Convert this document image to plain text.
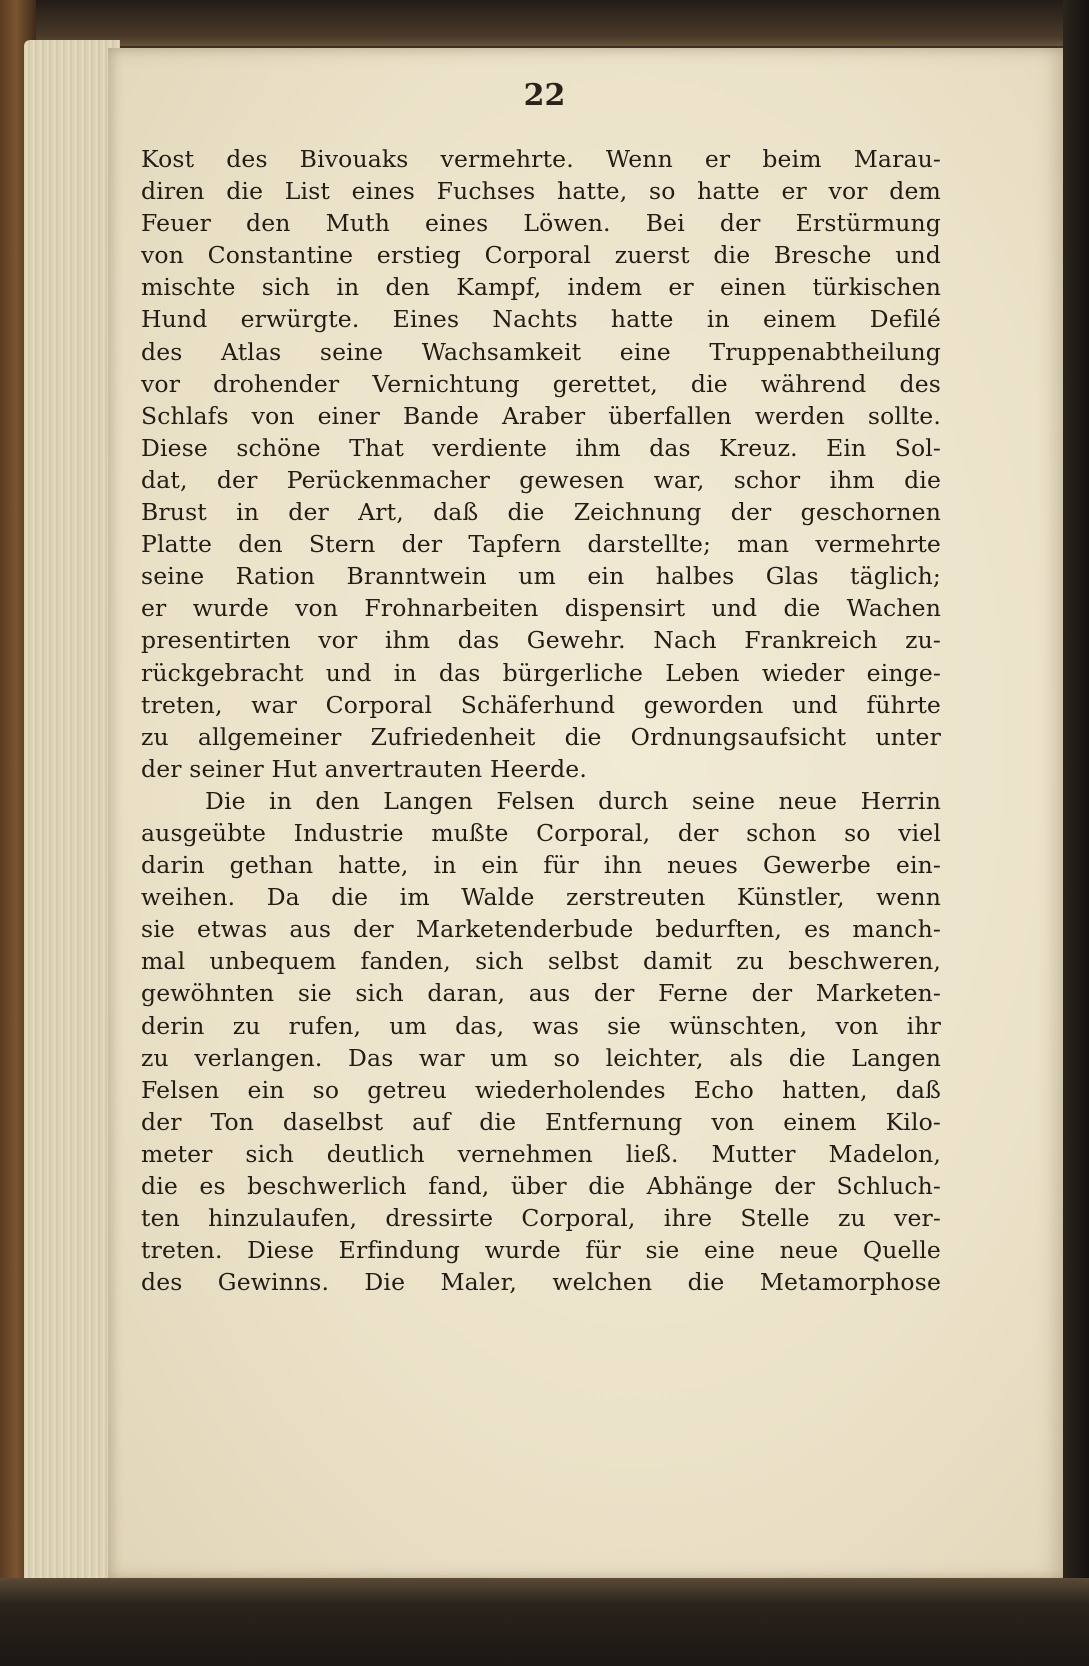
22
Kost des Bivouaks vermehrte. Wenn er beim Marau-
diren die List eines Fuchses hatte, so hatte er vor dem
Feuer den Muth eines Löwen. Bei der Erstürmung
von Constantine erstieg Corporal zuerst die Bresche und
mischte sich in den Kampf, indem er einen türkischen
Hund erwürgte. Eines Nachts hatte in einem Defilé
des Atlas seine Wachsamkeit eine Truppenabtheilung
vor drohender Vernichtung gerettet, die während des
Schlafs von einer Bande Araber überfallen werden sollte.
Diese schöne That verdiente ihm das Kreuz. Ein Sol-
dat, der Perückenmacher gewesen war, schor ihm die
Brust in der Art, daß die Zeichnung der geschornen
Platte den Stern der Tapfern darstellte; man vermehrte
seine Ration Branntwein um ein halbes Glas täglich;
er wurde von Frohnarbeiten dispensirt und die Wachen
presentirten vor ihm das Gewehr. Nach Frankreich zu-
rückgebracht und in das bürgerliche Leben wieder einge-
treten, war Corporal Schäferhund geworden und führte
zu allgemeiner Zufriedenheit die Ordnungsaufsicht unter
der seiner Hut anvertrauten Heerde.
Die in den Langen Felsen durch seine neue Herrin
ausgeübte Industrie mußte Corporal, der schon so viel
darin gethan hatte, in ein für ihn neues Gewerbe ein-
weihen. Da die im Walde zerstreuten Künstler, wenn
sie etwas aus der Marketenderbude bedurften, es manch-
mal unbequem fanden, sich selbst damit zu beschweren,
gewöhnten sie sich daran, aus der Ferne der Marketen-
derin zu rufen, um das, was sie wünschten, von ihr
zu verlangen. Das war um so leichter, als die Langen
Felsen ein so getreu wiederholendes Echo hatten, daß
der Ton daselbst auf die Entfernung von einem Kilo-
meter sich deutlich vernehmen ließ. Mutter Madelon,
die es beschwerlich fand, über die Abhänge der Schluch-
ten hinzulaufen, dressirte Corporal, ihre Stelle zu ver-
treten. Diese Erfindung wurde für sie eine neue Quelle
des Gewinns. Die Maler, welchen die Metamorphose
